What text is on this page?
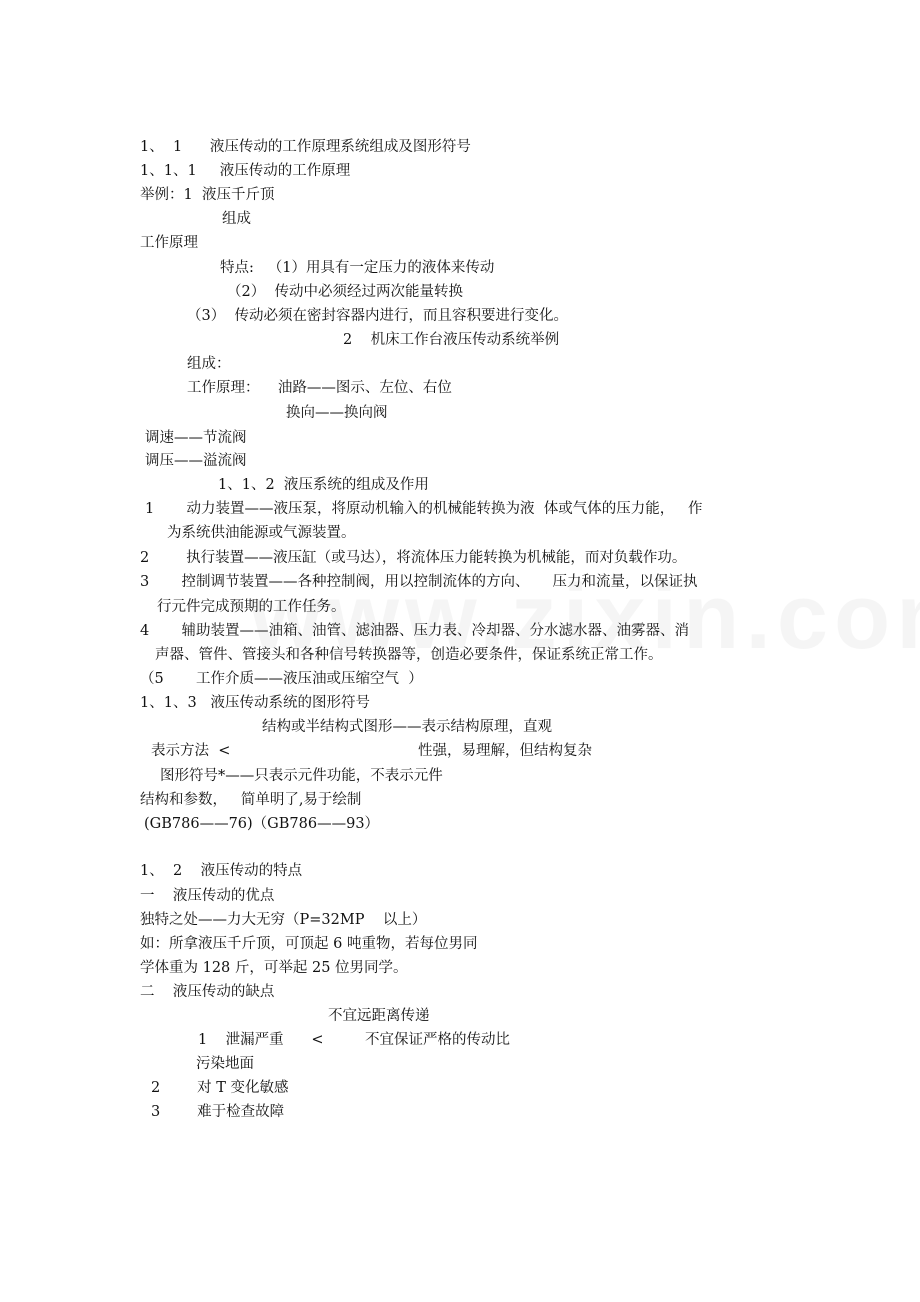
1、  1      液压传动的工作原理系统组成及图形符号
1、1、1     液压传动的工作原理
举例：1  液压千斤顶
组成
工作原理
特点:   （1）用具有一定压力的液体来传动
（2）  传动中必须经过两次能量转换
（3）  传动必须在密封容器内进行，而且容积要进行变化。
2    机床工作台液压传动系统举例
组成：
工作原理：    油路——图示、左位、右位
换向——换向阀
调速——节流阀
调压——溢流阀
1、1、2  液压系统的组成及作用
1       动力装置——液压泵，将原动机输入的机械能转换为液  体或气体的压力能，   作
为系统供油能源或气源装置。
2        执行装置——液压缸（或马达），将流体压力能转换为机械能，而对负载作功。
3       控制调节装置——各种控制阀，用以控制流体的方向、     压力和流量，以保证执
行元件完成预期的工作任务。
4       辅助装置——油箱、油管、滤油器、压力表、冷却器、分水滤水器、油雾器、消
声器、管件、管接头和各种信号转换器等，创造必要条件，保证系统正常工作。
（5       工作介质——液压油或压缩空气  ）
1、1、3   液压传动系统的图形符号
结构或半结构式图形——表示结构原理，直观
表示方法  <	性强，易理解，但结构复杂
图形符号*——只表示元件功能，不表示元件
结构和参数，   简单明了,易于绘制
(GB786——76)（GB786——93）
1、  2    液压传动的特点
一    液压传动的优点
独特之处——力大无穷（P=32MP    以上）
如：所拿液压千斤顶，可顶起 6 吨重物，若每位男同
学体重为 128 斤，可举起 25 位男同学。
二    液压传动的缺点
不宜远距离传递
1    泄漏严重      <         不宜保证严格的传动比
污染地面
2        对 T 变化敏感
3        难于检查故障
